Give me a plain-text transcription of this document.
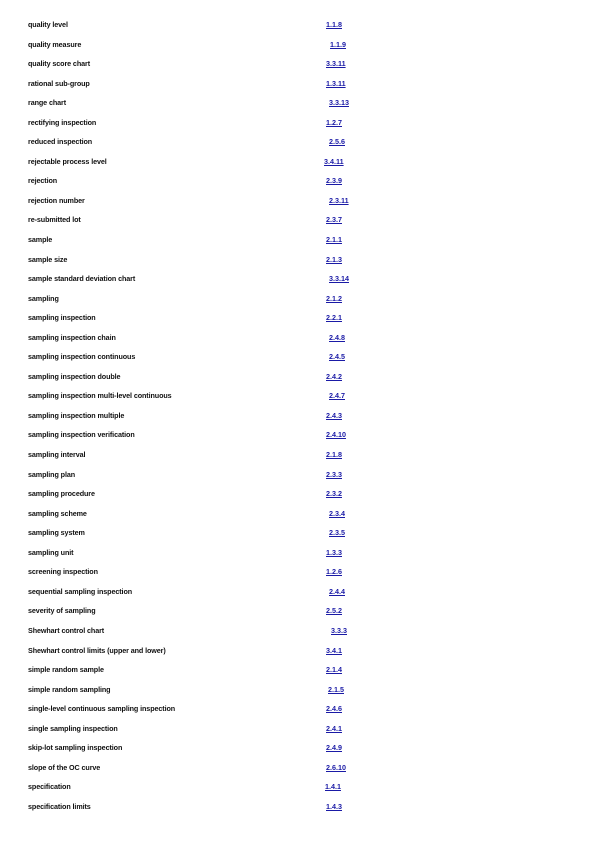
quality level	1.1.8
quality measure	1.1.9
quality score chart	3.3.11
rational sub-group	1.3.11
range chart	3.3.13
rectifying inspection	1.2.7
reduced inspection	2.5.6
rejectable process level	3.4.11
rejection	2.3.9
rejection number	2.3.11
re-submitted lot	2.3.7
sample	2.1.1
sample size	2.1.3
sample standard deviation chart	3.3.14
sampling	2.1.2
sampling inspection	2.2.1
sampling inspection chain	2.4.8
sampling inspection continuous	2.4.5
sampling inspection double	2.4.2
sampling inspection multi-level continuous	2.4.7
sampling inspection multiple	2.4.3
sampling inspection verification	2.4.10
sampling interval	2.1.8
sampling plan	2.3.3
sampling procedure	2.3.2
sampling scheme	2.3.4
sampling system	2.3.5
sampling unit	1.3.3
screening inspection	1.2.6
sequential sampling inspection	2.4.4
severity of sampling	2.5.2
Shewhart control chart	3.3.3
Shewhart control limits (upper and lower)	3.4.1
simple random sample	2.1.4
simple random sampling	2.1.5
single-level continuous sampling inspection	2.4.6
single sampling inspection	2.4.1
skip-lot sampling inspection	2.4.9
slope of the OC curve	2.6.10
specification	1.4.1
specification limits	1.4.3
